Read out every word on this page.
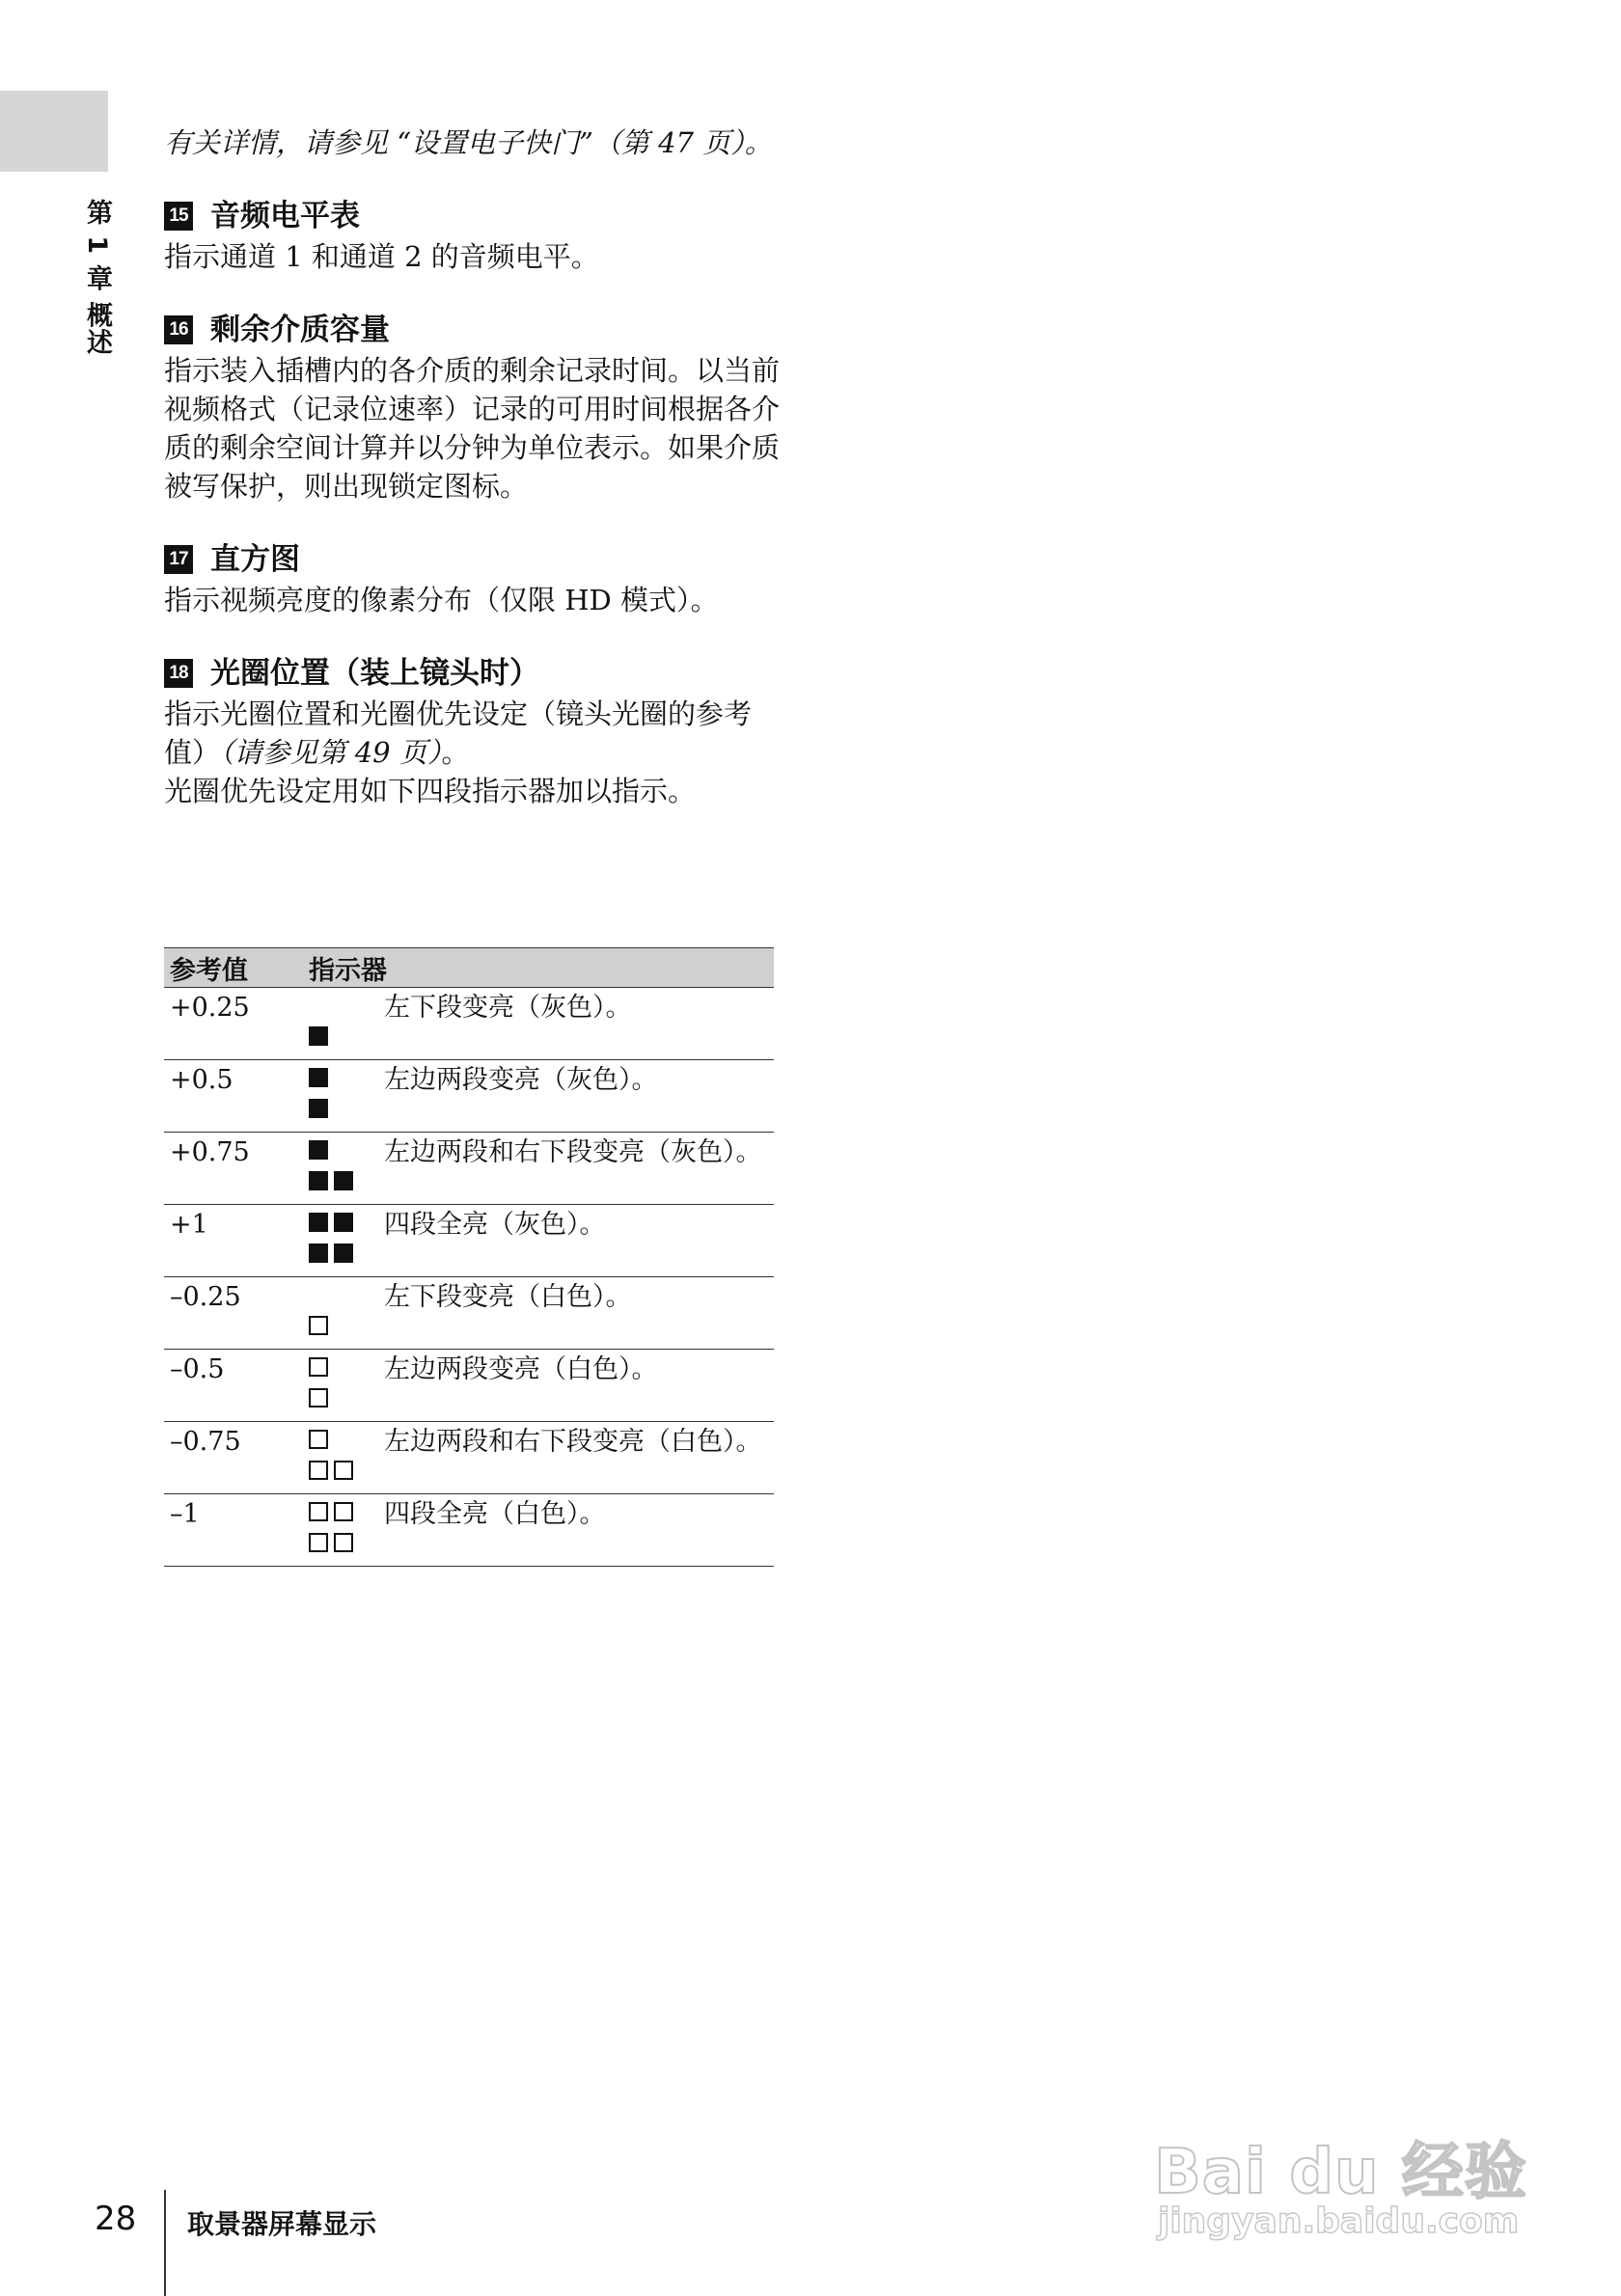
第 1 章 概述

有关详情，请参见 “设置电子快门”（第 47 页）。

15 音频电平表

指示通道 1 和通道 2 的音频电平。

16 剩余介质容量

指示装入插槽内的各介质的剩余记录时间。以当前视频格式（记录位速率）记录的可用时间根据各介质的剩余空间计算并以分钟为单位表示。如果介质被写保护，则出现锁定图标。

17 直方图

指示视频亮度的像素分布（仅限 HD 模式）。

18 光圈位置（装上镜头时）

指示光圈位置和光圈优先设定（镜头光圈的参考值）（请参见第 49 页）。

光圈优先设定用如下四段指示器加以指示。

参考值	指示器	
+0.25		左下段变亮（灰色）。
+0.5		左边两段变亮（灰色）。
+0.75		左边两段和右下段变亮（灰色）。
+1		四段全亮（灰色）。
–0.25		左下段变亮（白色）。
–0.5		左边两段变亮（白色）。
–0.75		左边两段和右下段变亮（白色）。
–1		四段全亮（白色）。
28 取景器屏幕显示
Bai du 经验
jingyan.baidu.com
